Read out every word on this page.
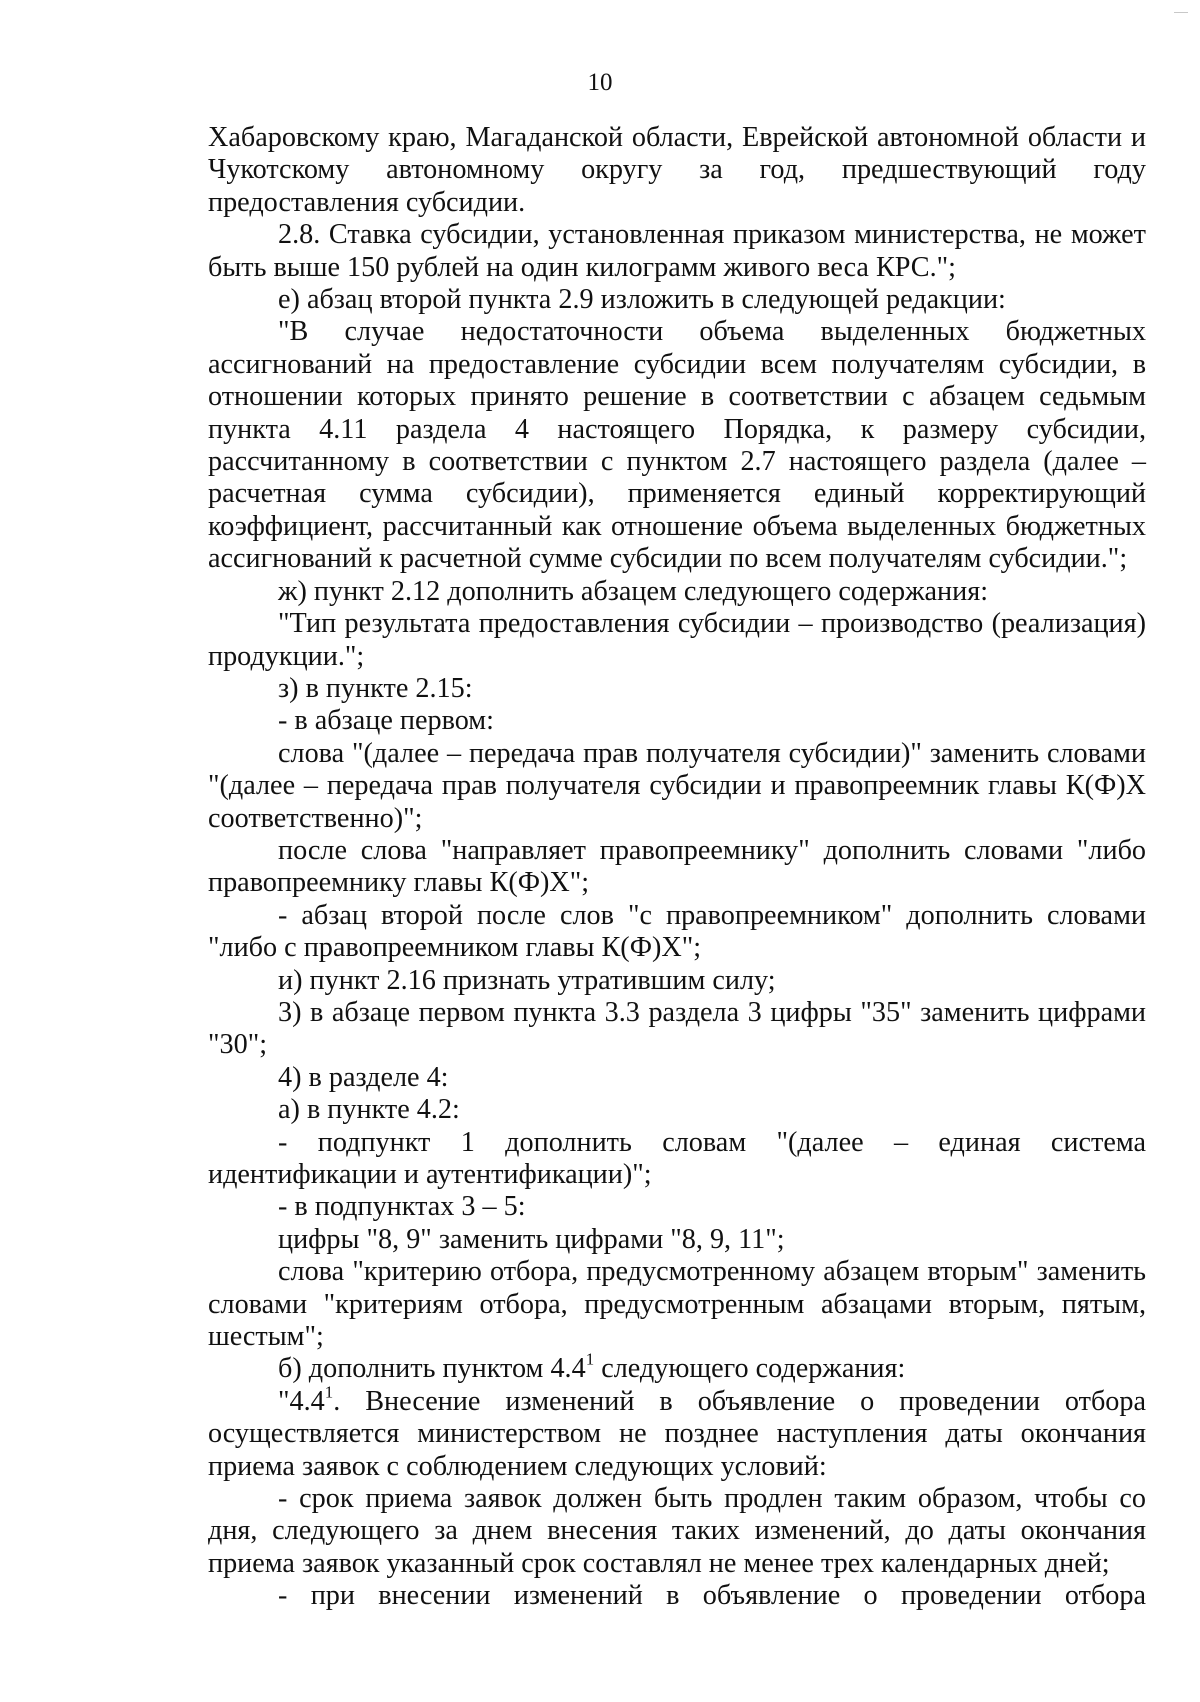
10

Хабаровскому краю, Магаданской области, Еврейской автономной области и Чукотскому автономному округу за год, предшествующий году предоставления субсидии.

2.8. Ставка субсидии, установленная приказом министерства, не может быть выше 150 рублей на один килограмм живого веса КРС.";

е) абзац второй пункта 2.9 изложить в следующей редакции:

"В случае недостаточности объема выделенных бюджетных ассигнований на предоставление субсидии всем получателям субсидии, в отношении которых принято решение в соответствии с абзацем седьмым пункта 4.11 раздела 4 настоящего Порядка, к размеру субсидии, рассчитанному в соответствии с пунктом 2.7 настоящего раздела (далее – расчетная сумма субсидии), применяется единый корректирующий коэффициент, рассчитанный как отношение объема выделенных бюджетных ассигнований к расчетной сумме субсидии по всем получателям субсидии.";

ж) пункт 2.12 дополнить абзацем следующего содержания:

"Тип результата предоставления субсидии – производство (реализация) продукции.";

з) в пункте 2.15:

- в абзаце первом:

слова "(далее – передача прав получателя субсидии)" заменить словами "(далее – передача прав получателя субсидии и правопреемник главы К(Ф)Х соответственно)";

после слова "направляет правопреемнику" дополнить словами "либо правопреемнику главы К(Ф)Х";

- абзац второй после слов "с правопреемником" дополнить словами "либо с правопреемником главы К(Ф)Х";

и) пункт 2.16 признать утратившим силу;

3) в абзаце первом пункта 3.3 раздела 3 цифры "35" заменить цифрами "30";

4) в разделе 4:

а) в пункте 4.2:

- подпункт 1 дополнить словам "(далее – единая система идентификации и аутентификации)";

- в подпунктах 3 – 5:

цифры "8, 9" заменить цифрами "8, 9, 11";

слова "критерию отбора, предусмотренному абзацем вторым" заменить словами "критериям отбора, предусмотренным абзацами вторым, пятым, шестым";

б) дополнить пунктом $4.4^1$ следующего содержания:

"$4.4^1$. Внесение изменений в объявление о проведении отбора осуществляется министерством не позднее наступления даты окончания приема заявок с соблюдением следующих условий:

- срок приема заявок должен быть продлен таким образом, чтобы со дня, следующего за днем внесения таких изменений, до даты окончания приема заявок указанный срок составлял не менее трех календарных дней;

- при внесении изменений в объявление о проведении отбора
